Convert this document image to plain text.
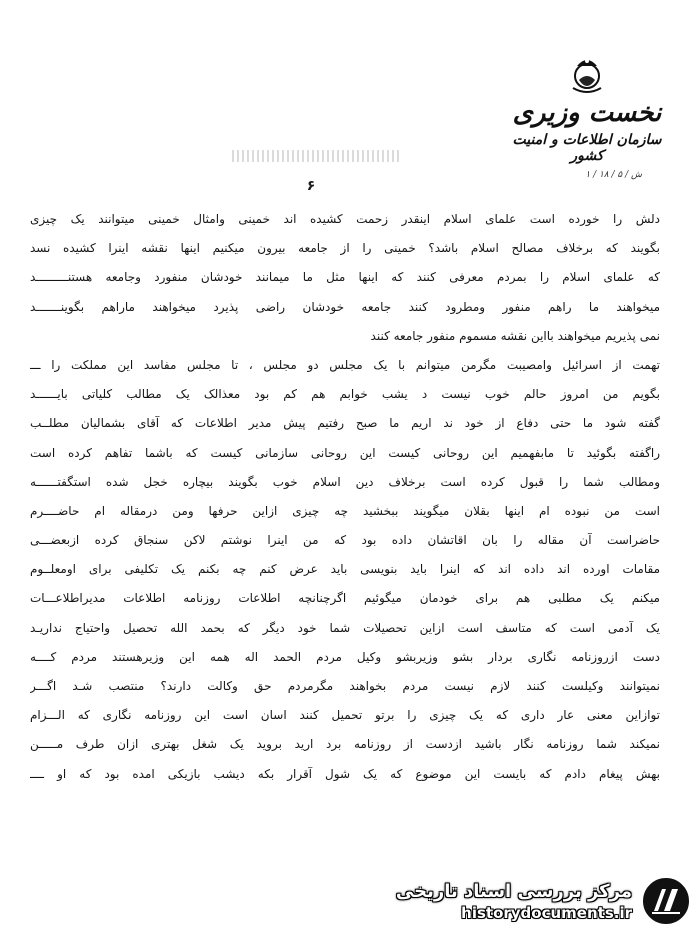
نخست وزیری
سازمان اطلاعات و امنیت کشور
ش / ۵ / ۱۸ / ۱
۶
دلش را خورده است علمای اسلام اینقدر زحمت کشیده اند خمینی وامثال خمینی میتوانند یک چیزی
بگویند که برخلاف مصالح اسلام باشد؟ خمینی را از جامعه بیرون میکنیم اینها نقشه اینرا کشیده نسد
که علمای اسلام را بمردم معرفی کنند که اینها مثل ما میمانند خودشان منفورد وجامعه هستنـــــــــد
میخواهند ما راهم منفور ومطرود کنند جامعه خودشان راضی پذیرد میخواهند ماراهم بگوینـــــــد
نمی پذیریم میخواهند بااین نقشه مسموم منفور جامعه کنند
تهمت از اسرائیل وامصیبت مگرمن میتوانم با یک مجلس دو مجلس ، تا مجلس مفاسد این مملکت را ـــ
بگویم من امروز حالم خوب نیست د یشب خوابم هم کم بود معذالک یک مطالب کلیاتی بایــــــد
گفته شود ما حتی دفاع از خود ند اریم ما صبح رفتیم پیش مدیر اطلاعات که آقای بشمالیان مطلــب
راگفته بگوئید تا مابفهمیم این روحانی کیست این روحانی سازمانی کیست که باشما تفاهم کرده است
ومطالب شما را قبول کرده است برخلاف دین اسلام خوب بگویند بیچاره خجل شده استگفتــــــه
است من نبوده ام اینها بقلان میگویند ببخشید چه چیزی ازاین حرفها ومن درمقاله ام حاضــــرم
حاضراست آن مقاله را بان اقاتشان داده بود که من اینرا نوشتم لاکن سنجاق کرده ازبعضـــی
مقامات اورده اند داده اند که اینرا باید بنویسی باید عرض کنم چه بکنم یک تکلیفی برای اومعلــوم
میکنم یک مطلبی هم برای خودمان میگوئیم اگرچنانچه اطلاعات روزنامه اطلاعات مدیراطلاعـــات
یک آدمی است که متاسف است ازاین تحصیلات شما خود دیگر که بحمد الله تحصیل واحتیاج نداریـد
دست ازروزنامه نگاری بردار بشو وزیربشو وکیل مردم الحمد اله همه این وزیرهستند مردم کــــه
نمیتوانند وکیلست کنند لازم نیست مردم بخواهند مگرمردم حق وکالت دارند؟ منتصب شـد اگـــر
توازاین معنی عار داری که یک چیزی را برتو تحمیل کنند اسان است این روزنامه نگاری که الـــزام
نمیکند شما روزنامه نگار باشید ازدست از روزنامه برد ارید بروید یک شغل بهتری ازان طرف مـــــن
بهش پیغام دادم که بایست این موضوع که یک شول آقرار بکه دیشب بازیکی امده بود که او ــــ
مرکز بررسی اسناد تاریخی
historydocuments.ir
